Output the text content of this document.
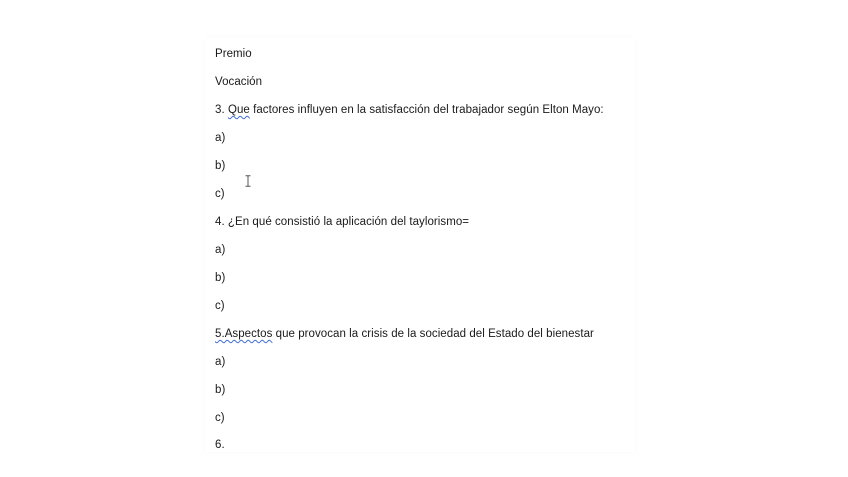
Premio
Vocación
3. Que factores influyen en la satisfacción del trabajador según Elton Mayo:
a)
b)
c)
4. ¿En qué consistió la aplicación del taylorismo=
a)
b)
c)
5.Aspectos que provocan la crisis de la sociedad del Estado del bienestar
a)
b)
c)
6.
